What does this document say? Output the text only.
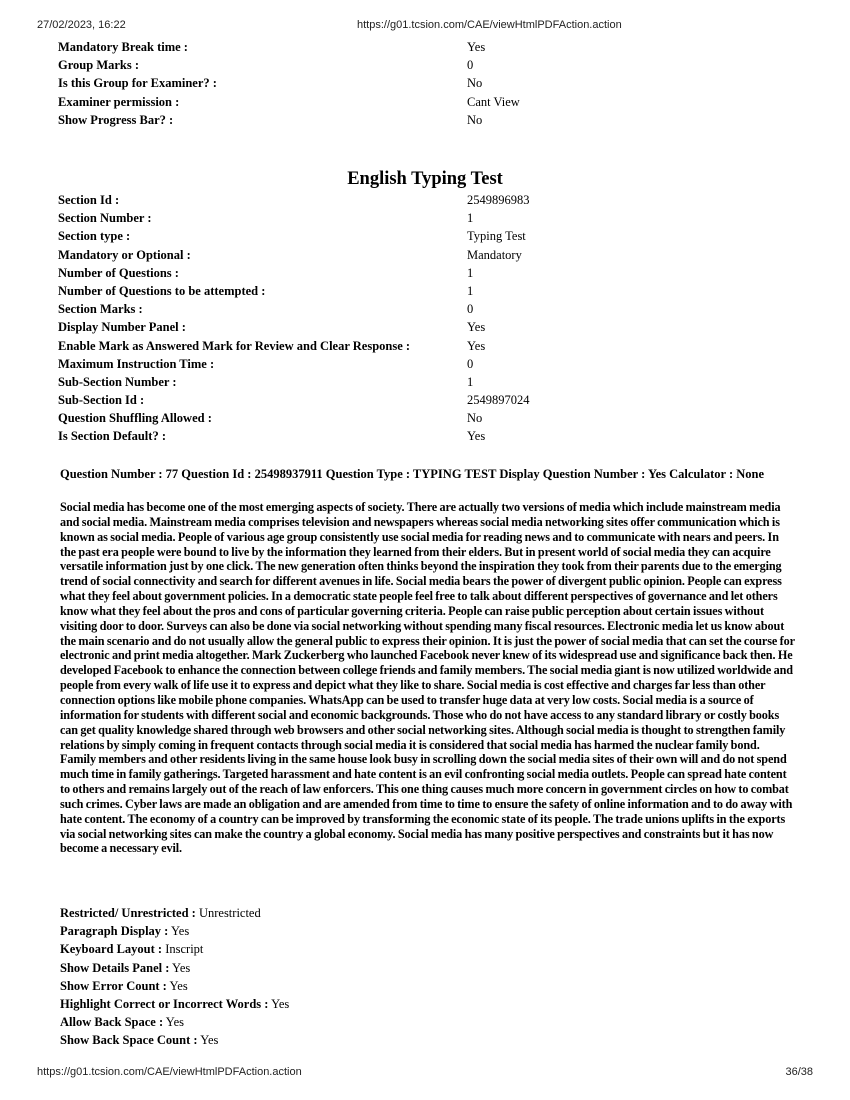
27/02/2023, 16:22	https://g01.tcsion.com/CAE/viewHtmlPDFAction.action
Mandatory Break time :	Yes
Group Marks :	0
Is this Group for Examiner? :	No
Examiner permission :	Cant View
Show Progress Bar? :	No
English Typing Test
Section Id :	2549896983
Section Number :	1
Section type :	Typing Test
Mandatory or Optional :	Mandatory
Number of Questions :	1
Number of Questions to be attempted :	1
Section Marks :	0
Display Number Panel :	Yes
Enable Mark as Answered Mark for Review and Clear Response :	Yes
Maximum Instruction Time :	0
Sub-Section Number :	1
Sub-Section Id :	2549897024
Question Shuffling Allowed :	No
Is Section Default? :	Yes
Question Number : 77 Question Id : 25498937911 Question Type : TYPING TEST Display Question Number : Yes Calculator : None
Social media has become one of the most emerging aspects of society. There are actually two versions of media which include mainstream media and social media. Mainstream media comprises television and newspapers whereas social media networking sites offer communication which is known as social media. People of various age group consistently use social media for reading news and to communicate with nears and peers. In the past era people were bound to live by the information they learned from their elders. But in present world of social media they can acquire versatile information just by one click. The new generation often thinks beyond the inspiration they took from their parents due to the emerging trend of social connectivity and search for different avenues in life. Social media bears the power of divergent public opinion. People can express what they feel about government policies. In a democratic state people feel free to talk about different perspectives of governance and let others know what they feel about the pros and cons of particular governing criteria. People can raise public perception about certain issues without visiting door to door. Surveys can also be done via social networking without spending many fiscal resources. Electronic media let us know about the main scenario and do not usually allow the general public to express their opinion. It is just the power of social media that can set the course for electronic and print media altogether. Mark Zuckerberg who launched Facebook never knew of its widespread use and significance back then. He developed Facebook to enhance the connection between college friends and family members. The social media giant is now utilized worldwide and people from every walk of life use it to express and depict what they like to share. Social media is cost effective and charges far less than other connection options like mobile phone companies. WhatsApp can be used to transfer huge data at very low costs. Social media is a source of information for students with different social and economic backgrounds. Those who do not have access to any standard library or costly books can get quality knowledge shared through web browsers and other social networking sites. Although social media is thought to strengthen family relations by simply coming in frequent contacts through social media it is considered that social media has harmed the nuclear family bond. Family members and other residents living in the same house look busy in scrolling down the social media sites of their own will and do not spend much time in family gatherings. Targeted harassment and hate content is an evil confronting social media outlets. People can spread hate content to others and remains largely out of the reach of law enforcers. This one thing causes much more concern in government circles on how to combat such crimes. Cyber laws are made an obligation and are amended from time to time to ensure the safety of online information and to do away with hate content. The economy of a country can be improved by transforming the economic state of its people. The trade unions uplifts in the exports via social networking sites can make the country a global economy. Social media has many positive perspectives and constraints but it has now become a necessary evil.
Restricted/ Unrestricted : Unrestricted
Paragraph Display : Yes
Keyboard Layout : Inscript
Show Details Panel : Yes
Show Error Count : Yes
Highlight Correct or Incorrect Words : Yes
Allow Back Space : Yes
Show Back Space Count : Yes
https://g01.tcsion.com/CAE/viewHtmlPDFAction.action	36/38
